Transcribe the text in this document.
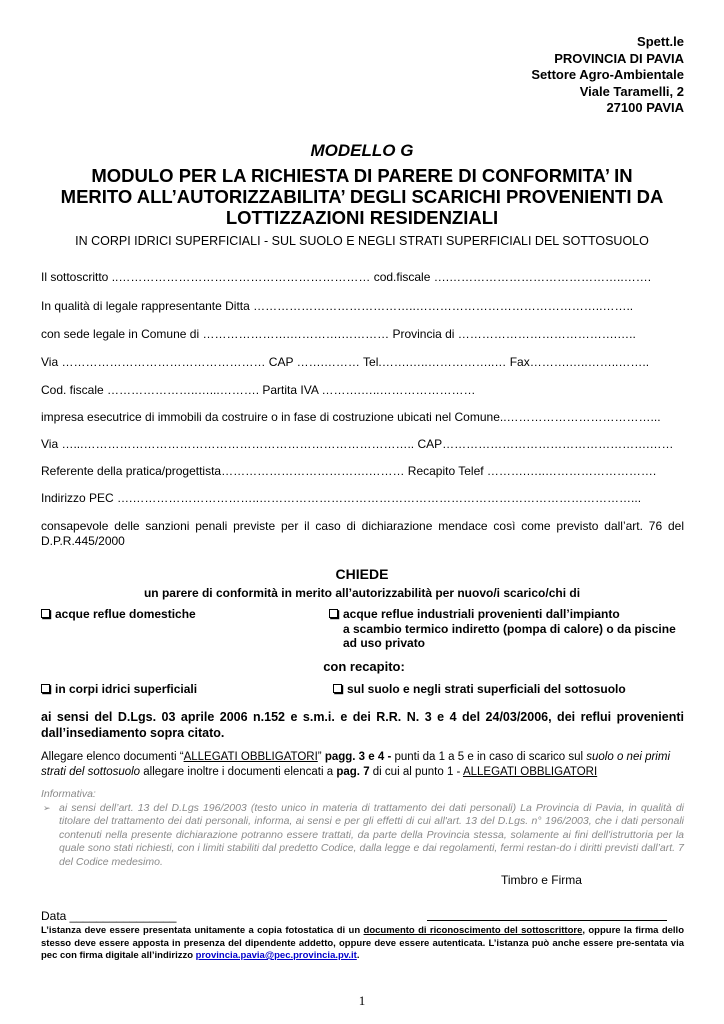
Spett.le
PROVINCIA DI PAVIA
Settore Agro-Ambientale
Viale Taramelli, 2
27100 PAVIA
MODELLO G
MODULO PER LA RICHIESTA DI PARERE DI CONFORMITA’ IN
MERITO ALL’AUTORIZZABILITA’ DEGLI SCARICHI PROVENIENTI DA
LOTTIZZAZIONI RESIDENZIALI
IN CORPI IDRICI SUPERFICIALI - SUL SUOLO E NEGLI STRATI SUPERFICIALI DEL SOTTOSUOLO
Il sottoscritto ..……………………………………………………… cod.fiscale ….……………………………………..…….
In qualità di legale rappresentante Ditta …………………………………..………………………………………..……..
con sede legale in Comune di ………………….………….………… Provincia di ………………………………….…..
Via …………………………………………… CAP …….……… Tel.…….…..……………..… Fax……….…..……..……..
Cod. fiscale …………………..…...………. Partita IVA ……….…..……………………
impresa esecutrice di immobili da costruire o in fase di costruzione ubicati nel Comune..………………………………...
Via …...……………………………………………………………………….. CAP…………………………………………….……
Referente della pratica/progettista……………………………….……… Recapito Telef ……….…..……………………….
Indirizzo PEC ….…………………………..…………………………………………………………………………………...
consapevole delle sanzioni penali previste per il caso di dichiarazione mendace così come previsto dall’art. 76 del D.P.R.445/2000
CHIEDE
un parere di conformità in merito all’autorizzabilità per nuovo/i scarico/chi di
acque reflue domestiche	acque reflue industriali provenienti dall’impianto
a scambio termico indiretto (pompa di calore) o da piscine
ad uso privato
con recapito:
in corpi idrici superficiali	sul suolo e negli strati superficiali del sottosuolo
ai sensi del D.Lgs. 03 aprile 2006 n.152 e s.m.i. e dei R.R. N. 3 e 4 del 24/03/2006, dei reflui provenienti dall’insediamento sopra citato.
Allegare elenco documenti “ALLEGATI OBBLIGATORI” pagg. 3 e 4 - punti da 1 a 5 e in caso di scarico sul suolo o nei primi strati del sottosuolo allegare inoltre i documenti elencati a pag. 7 di cui al punto 1 - ALLEGATI OBBLIGATORI
Informativa:
➢ ai sensi dell’art. 13 del D.Lgs 196/2003 (testo unico in materia di trattamento dei dati personali) La Provincia di Pavia, in qualità di titolare del trattamento dei dati personali, informa, ai sensi e per gli effetti di cui all'art. 13 del D.Lgs. n° 196/2003, che i dati personali contenuti nella presente dichiarazione potranno essere trattati, da parte della Provincia stessa, solamente ai fini dell'istruttoria per la quale sono stati richiesti, con i limiti stabiliti dal predetto Codice, dalla legge e dai regolamenti, fermi restan-do i diritti previsti dall’art. 7 del Codice medesimo.
Timbro e Firma
Data ________________
L’istanza deve essere presentata unitamente a copia fotostatica di un documento di riconoscimento del sottoscrittore, oppure la firma dello stesso deve essere apposta in presenza del dipendente addetto, oppure deve essere autenticata. L’istanza può anche essere pre-sentata via pec con firma digitale all’indirizzo provincia.pavia@pec.provincia.pv.it.
1
